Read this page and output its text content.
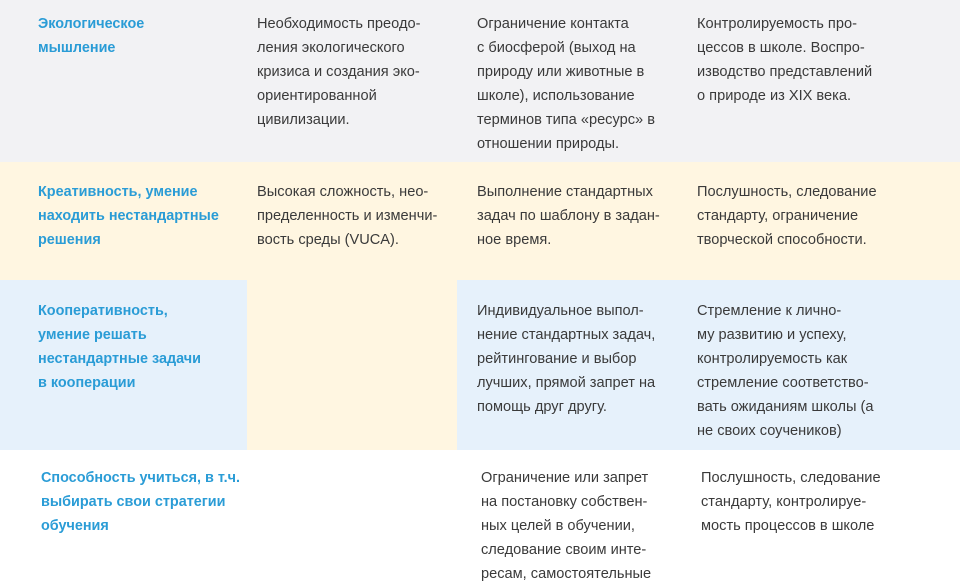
Экологическое
мышление
Необходимость преодо-
ления экологического
кризиса и создания эко-
ориентированной
цивилизации.
Ограничение контакта
с биосферой (выход на
природу или животные в
школе), использование
терминов типа «ресурс» в
отношении природы.
Контролируемость про-
цессов в школе. Воспро-
изводство представлений
о природе из XIX века.
Креативность, умение
находить нестандартные
решения
Высокая сложность, нео-
пределенность и изменчи-
вость среды (VUCA).
Выполнение стандартных
задач по шаблону в задан-
ное время.
Послушность, следование
стандарту, ограничение
творческой способности.
Кооперативность,
умение решать
нестандартные задачи
в кооперации
Индивидуальное выпол-
нение стандартных задач,
рейтингование и выбор
лучших, прямой запрет на
помощь друг другу.
Стремление к лично-
му развитию и успеху,
контролируемость как
стремление соответство-
вать ожиданиям школы (а
не своих соучеников)
Способность учиться, в т.ч.
выбирать свои стратегии
обучения
Ограничение или запрет
на постановку собствен-
ных целей в обучении,
следование своим инте-
ресам, самостоятельные
Послушность, следование
стандарту, контролируе-
мость процессов в школе
